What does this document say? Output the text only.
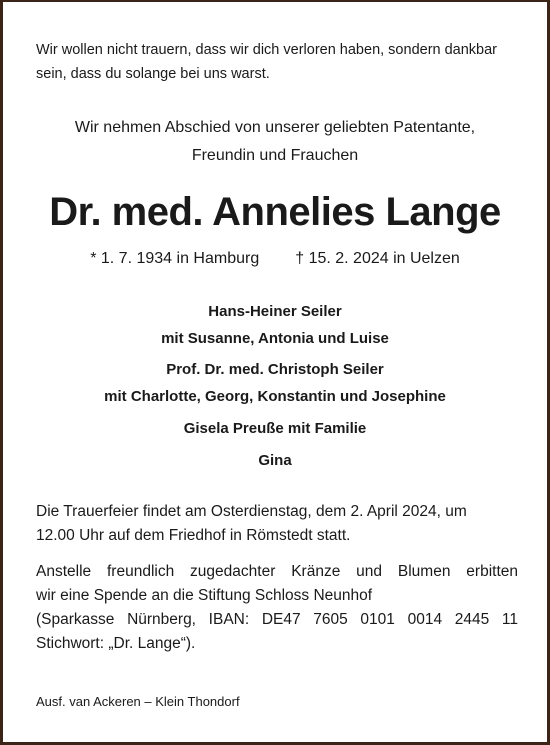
Wir wollen nicht trauern, dass wir dich verloren haben, sondern dankbar
sein, dass du solange bei uns warst.

Wir nehmen Abschied von unserer geliebten Patentante,
Freundin und Frauchen

Dr. med. Annelies Lange
* 1. 7. 1934 in Hamburg † 15. 2. 2024 in Uelzen
Hans-Heiner Seiler
mit Susanne, Antonia und Luise
Prof. Dr. med. Christoph Seiler
mit Charlotte, Georg, Konstantin und Josephine
Gisela Preuße mit Familie
Gina

Die Trauerfeier findet am Osterdienstag, dem 2. April 2024, um
12.00 Uhr auf dem Friedhof in Römstedt statt.

Anstelle freundlich zugedachter Kränze und Blumen erbitten
wir eine Spende an die Stiftung Schloss Neunhof
(Sparkasse Nürnberg, IBAN: DE47 7605 0101 0014 2445 11
Stichwort: „Dr. Lange“).

Ausf. van Ackeren – Klein Thondorf
